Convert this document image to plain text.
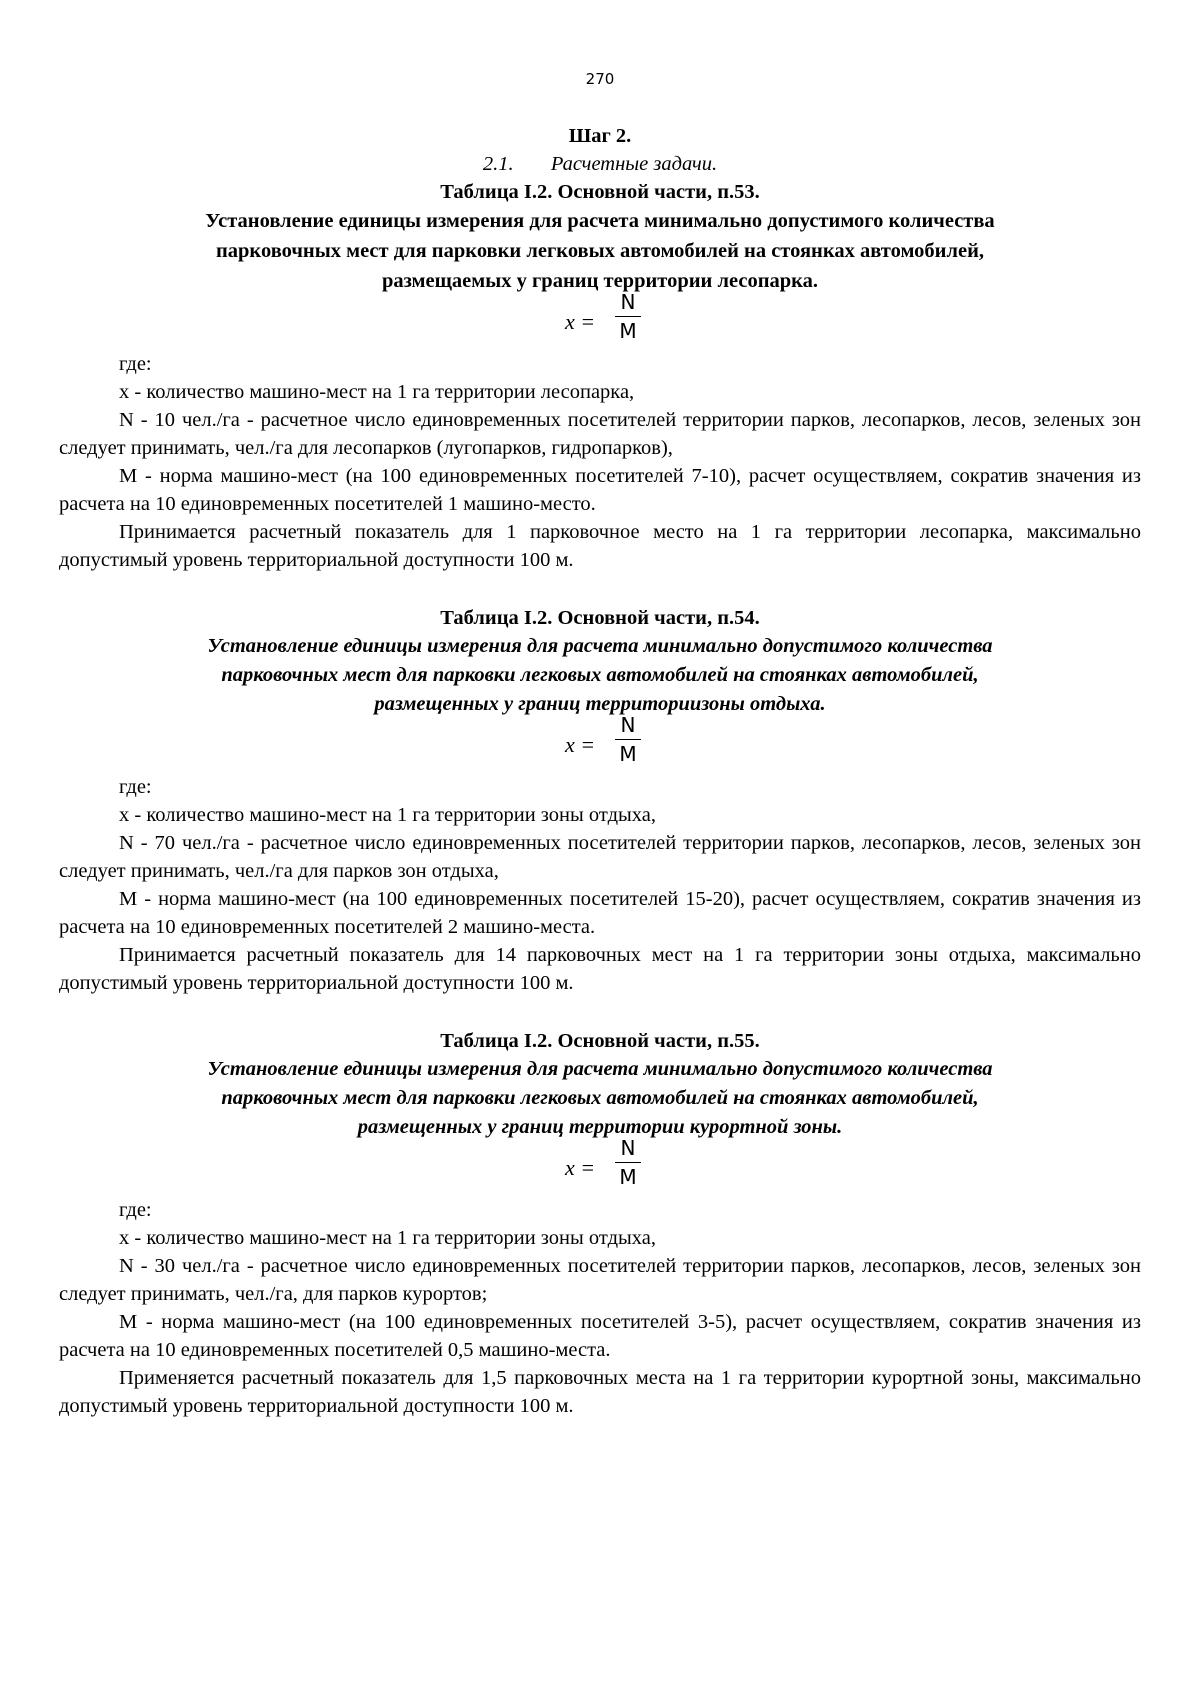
270
Шаг 2.
2.1. Расчетные задачи.
Таблица I.2. Основной части, п.53.
Установление единицы измерения для расчета минимально допустимого количества
парковочных мест для парковки легковых автомобилей на стоянках автомобилей,
размещаемых у границ территории лесопарка.
x =
N
M
где:

x - количество машино-мест на 1 га территории лесопарка,

N - 10 чел./га - расчетное число единовременных посетителей территории парков, лесопарков, лесов, зеленых зон следует принимать, чел./га для лесопарков (лугопарков, гидропарков),

M - норма машино-мест (на 100 единовременных посетителей 7-10), расчет осуществляем, сократив значения из расчета на 10 единовременных посетителей 1 машино-место.

Принимается расчетный показатель для 1 парковочное место на 1 га территории лесопарка, максимально допустимый уровень территориальной доступности 100 м.

Таблица I.2. Основной части, п.54.
Установление единицы измерения для расчета минимально допустимого количества
парковочных мест для парковки легковых автомобилей на стоянках автомобилей,
размещенных у границ территориизоны отдыха.
x =
N
M
где:

x - количество машино-мест на 1 га территории зоны отдыха,

N - 70 чел./га - расчетное число единовременных посетителей территории парков, лесопарков, лесов, зеленых зон следует принимать, чел./га для парков зон отдыха,

M - норма машино-мест (на 100 единовременных посетителей 15-20), расчет осуществляем, сократив значения из расчета на 10 единовременных посетителей 2 машино-места.

Принимается расчетный показатель для 14 парковочных мест на 1 га территории зоны отдыха, максимально допустимый уровень территориальной доступности 100 м.

Таблица I.2. Основной части, п.55.
Установление единицы измерения для расчета минимально допустимого количества
парковочных мест для парковки легковых автомобилей на стоянках автомобилей,
размещенных у границ территории курортной зоны.
x =
N
M
где:

x - количество машино-мест на 1 га территории зоны отдыха,

N - 30 чел./га - расчетное число единовременных посетителей территории парков, лесопарков, лесов, зеленых зон следует принимать, чел./га, для парков курортов;

M - норма машино-мест (на 100 единовременных посетителей 3-5), расчет осуществляем, сократив значения из расчета на 10 единовременных посетителей 0,5 машино-места.

Применяется расчетный показатель для 1,5 парковочных места на 1 га территории курортной зоны, максимально допустимый уровень территориальной доступности 100 м.
